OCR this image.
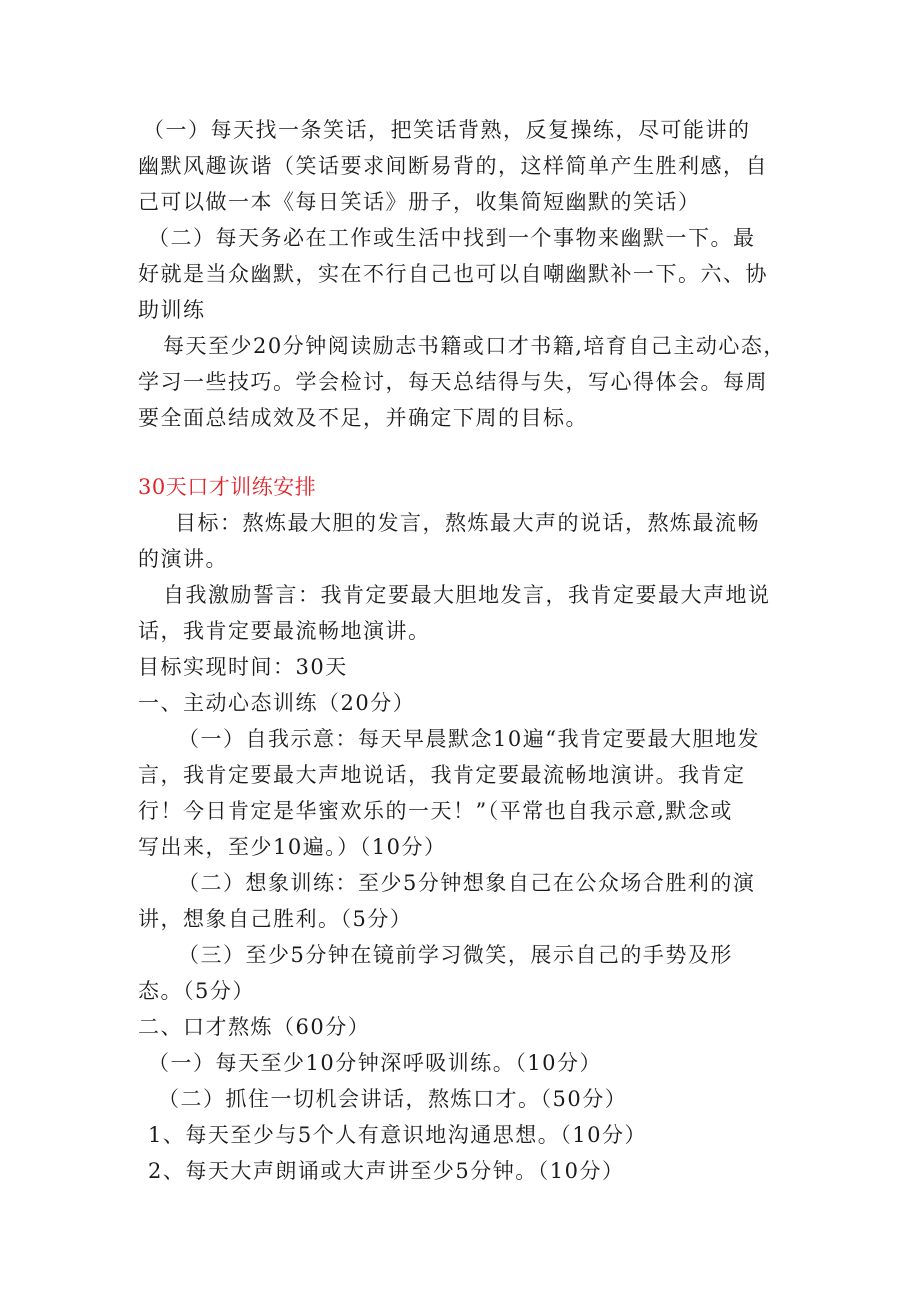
（一）每天找一条笑话，把笑话背熟，反复操练，尽可能讲的
幽默风趣诙谐（笑话要求间断易背的，这样简单产生胜利感，自
己可以做一本《每日笑话》册子，收集简短幽默的笑话）
（二）每天务必在工作或生活中找到一个事物来幽默一下。最
好就是当众幽默，实在不行自己也可以自嘲幽默补一下。六、协
助训练
每天至少20分钟阅读励志书籍或口才书籍,培育自己主动心态，
学习一些技巧。学会检讨，每天总结得与失，写心得体会。每周
要全面总结成效及不足，并确定下周的目标。
30天口才训练安排
目标：熬炼最大胆的发言，熬炼最大声的说话，熬炼最流畅
的演讲。
自我激励誓言：我肯定要最大胆地发言，我肯定要最大声地说
话，我肯定要最流畅地演讲。
目标实现时间：30天
一、主动心态训练（20分）
（一）自我示意：每天早晨默念10遍“我肯定要最大胆地发
言，我肯定要最大声地说话，我肯定要最流畅地演讲。我肯定
行！今日肯定是华蜜欢乐的一天！”（平常也自我示意,默念或
写出来，至少10遍。）（10分）
（二）想象训练：至少5分钟想象自己在公众场合胜利的演
讲，想象自己胜利。（5分）
（三）至少5分钟在镜前学习微笑，展示自己的手势及形
态。（5分）
二、口才熬炼（60分）
（一）每天至少10分钟深呼吸训练。（10分）
（二）抓住一切机会讲话，熬炼口才。（50分）
1、每天至少与5个人有意识地沟通思想。（10分）
2、每天大声朗诵或大声讲至少5分钟。（10分）
